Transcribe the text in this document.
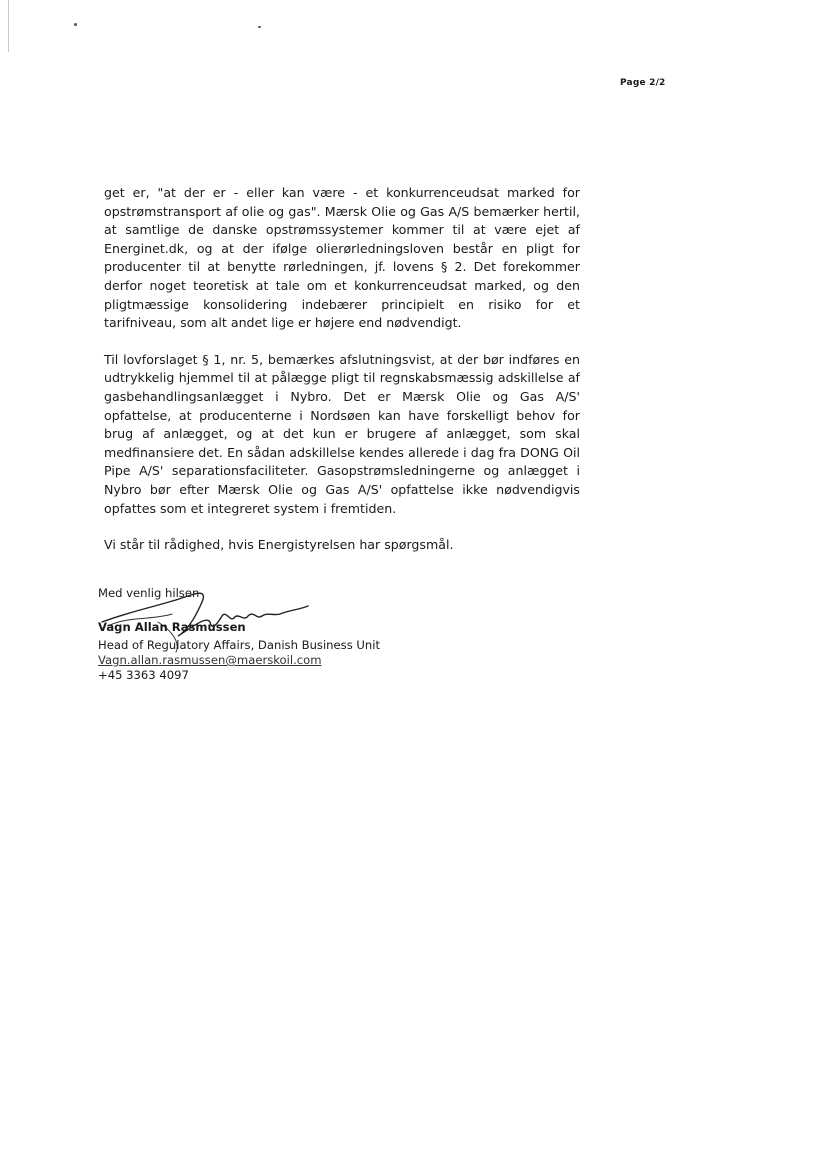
Page 2/2

get er, "at der er - eller kan være - et konkurrenceudsat marked for opstrømstransport af olie og gas". Mærsk Olie og Gas A/S bemærker hertil, at samtlige de danske opstrømssystemer kommer til at være ejet af Energinet.dk, og at der ifølge olierørledningsloven består en pligt for producenter til at benytte rørledningen, jf. lovens § 2. Det forekommer derfor noget teoretisk at tale om et konkurrenceudsat marked, og den pligtmæssige konsolidering indebærer principielt en risiko for et tarifniveau, som alt andet lige er højere end nødvendigt.

Til lovforslaget § 1, nr. 5, bemærkes afslutningsvist, at der bør indføres en udtrykkelig hjemmel til at pålægge pligt til regnskabsmæssig adskillelse af gasbehandlingsanlægget i Nybro. Det er Mærsk Olie og Gas A/S' opfattelse, at producenterne i Nordsøen kan have forskelligt behov for brug af anlægget, og at det kun er brugere af anlægget, som skal medfinansiere det. En sådan adskillelse kendes allerede i dag fra DONG Oil Pipe A/S' separationsfaciliteter. Gasopstrømsledningerne og anlægget i Nybro bør efter Mærsk Olie og Gas A/S' opfattelse ikke nødvendigvis opfattes som et integreret system i fremtiden.

Vi står til rådighed, hvis Energistyrelsen har spørgsmål.

Med venlig hilsen
Vagn Allan Rasmussen
Head of Regulatory Affairs, Danish Business Unit
Vagn.allan.rasmussen@maerskoil.com
+45 3363 4097
